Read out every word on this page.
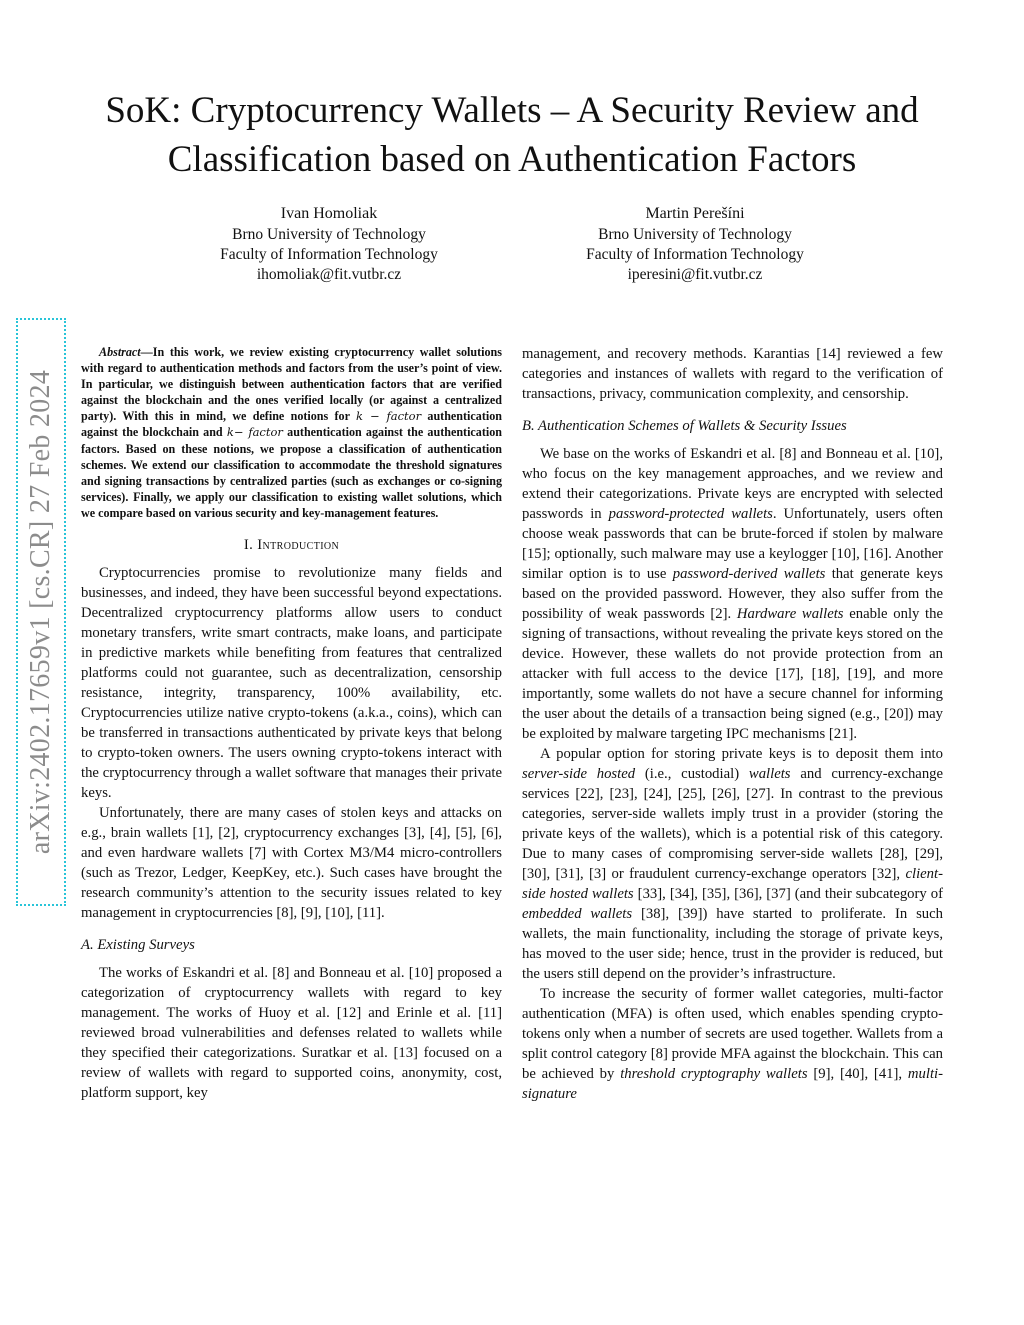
SoK: Cryptocurrency Wallets – A Security Review and Classification based on Authentication Factors
Ivan Homoliak
Brno University of Technology
Faculty of Information Technology
ihomoliak@fit.vutbr.cz
Martin Perešíni
Brno University of Technology
Faculty of Information Technology
iperesini@fit.vutbr.cz
arXiv:2402.17659v1 [cs.CR] 27 Feb 2024

Abstract—In this work, we review existing cryptocurrency wallet solutions with regard to authentication methods and factors from the user’s point of view. In particular, we distinguish between authentication factors that are verified against the blockchain and the ones verified locally (or against a centralized party). With this in mind, we define notions for k − factor authentication against the blockchain and k− factor authentication against the authentication factors. Based on these notions, we propose a classification of authentication schemes. We extend our classification to accommodate the threshold signatures and signing transactions by centralized parties (such as exchanges or co-signing services). Finally, we apply our classification to existing wallet solutions, which we compare based on various security and key-management features.

I. Introduction

Cryptocurrencies promise to revolutionize many fields and businesses, and indeed, they have been successful beyond expectations. Decentralized cryptocurrency platforms allow users to conduct monetary transfers, write smart contracts, make loans, and participate in predictive markets while benefiting from features that centralized platforms could not guarantee, such as decentralization, censorship resistance, integrity, transparency, 100% availability, etc. Cryptocurrencies utilize native crypto-tokens (a.k.a., coins), which can be transferred in transactions authenticated by private keys that belong to crypto-token owners. The users owning crypto-tokens interact with the cryptocurrency through a wallet software that manages their private keys.

Unfortunately, there are many cases of stolen keys and attacks on e.g., brain wallets [1], [2], cryptocurrency exchanges [3], [4], [5], [6], and even hardware wallets [7] with Cortex M3/M4 micro-controllers (such as Trezor, Ledger, KeepKey, etc.). Such cases have brought the research community’s attention to the security issues related to key management in cryptocurrencies [8], [9], [10], [11].

A. Existing Surveys

The works of Eskandri et al. [8] and Bonneau et al. [10] proposed a categorization of cryptocurrency wallets with regard to key management. The works of Huoy et al. [12] and Erinle et al. [11] reviewed broad vulnerabilities and defenses related to wallets while they specified their categorizations. Suratkar et al. [13] focused on a review of wallets with regard to supported coins, anonymity, cost, platform support, key

management, and recovery methods. Karantias [14] reviewed a few categories and instances of wallets with regard to the verification of transactions, privacy, communication complexity, and censorship.

B. Authentication Schemes of Wallets & Security Issues

We base on the works of Eskandri et al. [8] and Bonneau et al. [10], who focus on the key management approaches, and we review and extend their categorizations. Private keys are encrypted with selected passwords in password-protected wallets. Unfortunately, users often choose weak passwords that can be brute-forced if stolen by malware [15]; optionally, such malware may use a keylogger [10], [16]. Another similar option is to use password-derived wallets that generate keys based on the provided password. However, they also suffer from the possibility of weak passwords [2]. Hardware wallets enable only the signing of transactions, without revealing the private keys stored on the device. However, these wallets do not provide protection from an attacker with full access to the device [17], [18], [19], and more importantly, some wallets do not have a secure channel for informing the user about the details of a transaction being signed (e.g., [20]) may be exploited by malware targeting IPC mechanisms [21].

A popular option for storing private keys is to deposit them into server-side hosted (i.e., custodial) wallets and currency-exchange services [22], [23], [24], [25], [26], [27]. In contrast to the previous categories, server-side wallets imply trust in a provider (storing the private keys of the wallets), which is a potential risk of this category. Due to many cases of compromising server-side wallets [28], [29], [30], [31], [3] or fraudulent currency-exchange operators [32], client-side hosted wallets [33], [34], [35], [36], [37] (and their subcategory of embedded wallets [38], [39]) have started to proliferate. In such wallets, the main functionality, including the storage of private keys, has moved to the user side; hence, trust in the provider is reduced, but the users still depend on the provider’s infrastructure.

To increase the security of former wallet categories, multi-factor authentication (MFA) is often used, which enables spending crypto-tokens only when a number of secrets are used together. Wallets from a split control category [8] provide MFA against the blockchain. This can be achieved by threshold cryptography wallets [9], [40], [41], multi-signature
